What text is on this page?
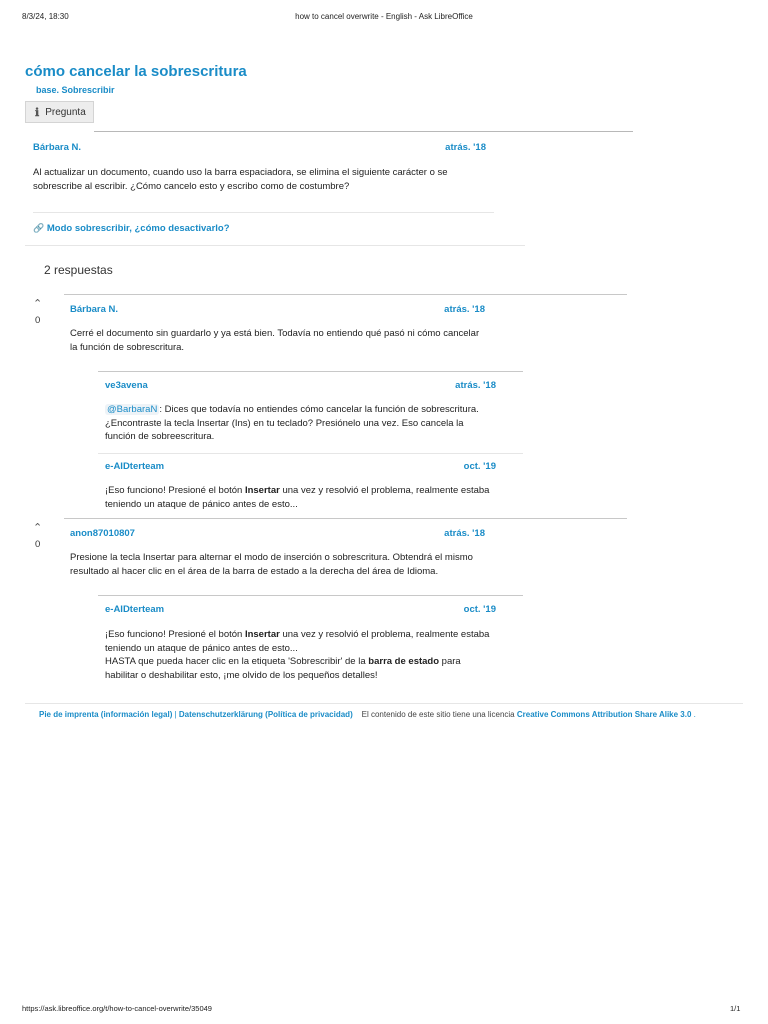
8/3/24, 18:30	how to cancel overwrite - English - Ask LibreOffice
cómo cancelar la sobrescritura
base. Sobrescribir
ℹ Pregunta
Bárbara N.	atrás. '18
Al actualizar un documento, cuando uso la barra espaciadora, se elimina el siguiente carácter o se sobrescribe al escribir. ¿Cómo cancelo esto y escribo como de costumbre?
🔗 Modo sobrescribir, ¿cómo desactivarlo?
2 respuestas
⌃
0
Bárbara N.	atrás. '18
Cerré el documento sin guardarlo y ya está bien. Todavía no entiendo qué pasó ni cómo cancelar la función de sobrescritura.
ve3avena	atrás. '18
@BarbaraN : Dices que todavía no entiendes cómo cancelar la función de sobrescritura. ¿Encontraste la tecla Insertar (Ins) en tu teclado? Presiónelo una vez. Eso cancela la función de sobreescritura.
e-AIDterteam	oct. '19
¡Eso funciono! Presioné el botón Insertar una vez y resolvió el problema, realmente estaba teniendo un ataque de pánico antes de esto...
⌃
0
anon87010807	atrás. '18
Presione la tecla Insertar para alternar el modo de inserción o sobrescritura. Obtendrá el mismo resultado al hacer clic en el área de la barra de estado a la derecha del área de Idioma.
e-AIDterteam	oct. '19
¡Eso funciono! Presioné el botón Insertar una vez y resolvió el problema, realmente estaba teniendo un ataque de pánico antes de esto...
HASTA que pueda hacer clic en la etiqueta 'Sobrescribir' de la barra de estado para habilitar o deshabilitar esto, ¡me olvido de los pequeños detalles!
Pie de imprenta (información legal) | Datenschutzerklärung (Política de privacidad) El contenido de este sitio tiene una licencia Creative Commons Attribution Share Alike 3.0 .
https://ask.libreoffice.org/t/how-to-cancel-overwrite/35049	1/1
